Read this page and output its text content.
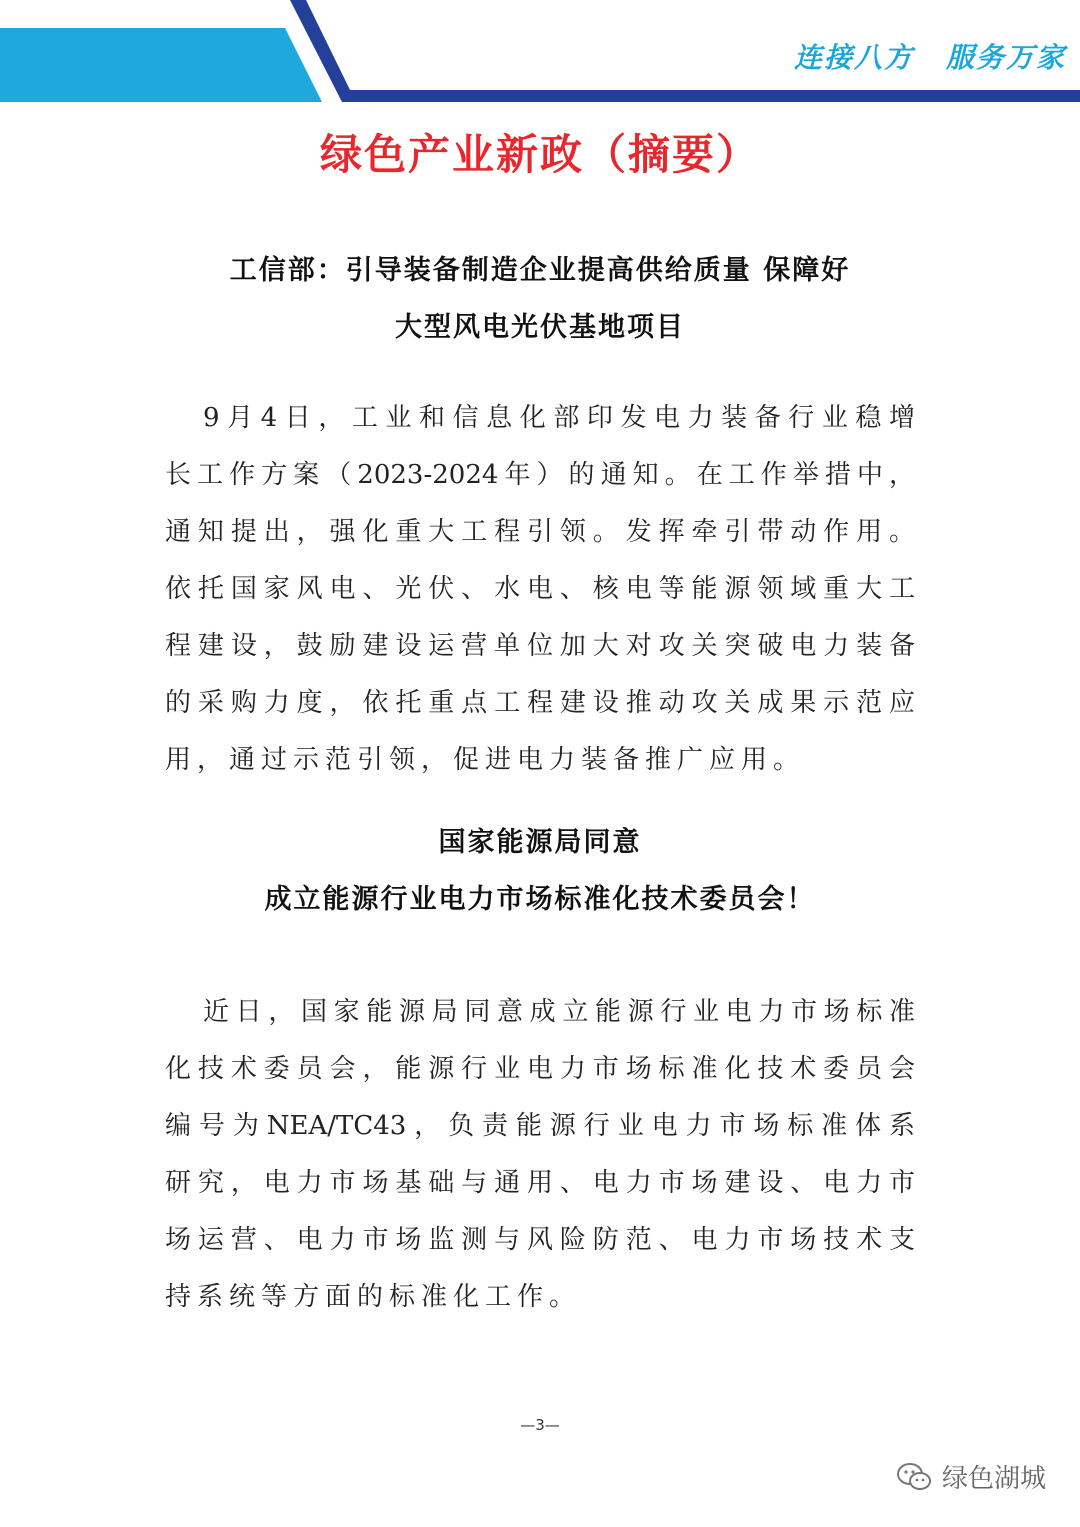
连接八方 服务万家
绿色产业新政（摘要）
工信部：引导装备制造企业提高供给质量 保障好
大型风电光伏基地项目
9月4日，工业和信息化部印发电力装备行业稳增
长工作方案（2023-2024年）的通知。在工作举措中，
通知提出，强化重大工程引领。发挥牵引带动作用。
依托国家风电、光伏、水电、核电等能源领域重大工
程建设，鼓励建设运营单位加大对攻关突破电力装备
的采购力度，依托重点工程建设推动攻关成果示范应
用，通过示范引领，促进电力装备推广应用。
国家能源局同意
成立能源行业电力市场标准化技术委员会！
近日，国家能源局同意成立能源行业电力市场标准
化技术委员会，能源行业电力市场标准化技术委员会
编号为NEA/TC43，负责能源行业电力市场标准体系
研究，电力市场基础与通用、电力市场建设、电力市
场运营、电力市场监测与风险防范、电力市场技术支
持系统等方面的标准化工作。
—3—
绿色湖城
